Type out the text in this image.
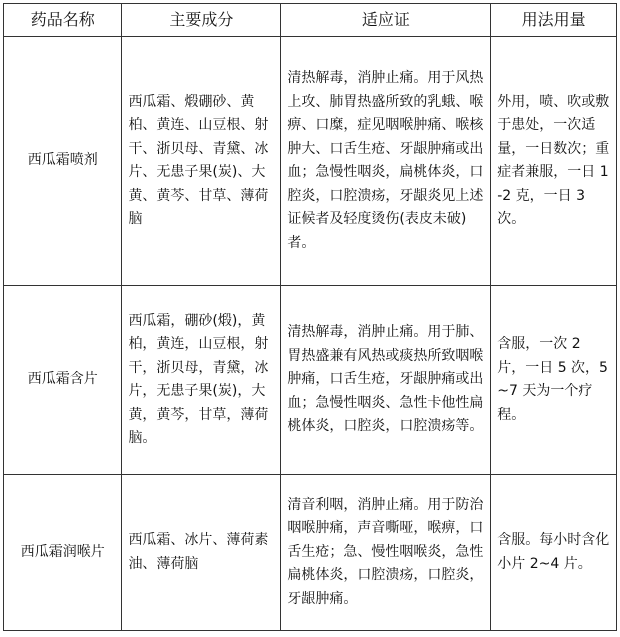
药品名称	主要成分	适应证	用法用量
西瓜霜喷剂	西瓜霜、煅硼砂、黄柏、黄连、山豆根、射干、浙贝母、青黛、冰片、无患子果(炭)、大黄、黄芩、甘草、薄荷脑	清热解毒，消肿止痛。用于风热上攻、肺胃热盛所致的乳蛾、喉痹、口糜，症见咽喉肿痛、喉核肿大、口舌生疮、牙龈肿痛或出血；急慢性咽炎，扁桃体炎，口腔炎，口腔溃疡，牙龈炎见上述证候者及轻度烫伤(表皮未破)者。	外用，喷、吹或敷于患处，一次适量，一日数次；重症者兼服，一日 1-2 克，一日 3 次。
西瓜霜含片	西瓜霜，硼砂(煅)，黄柏，黄连，山豆根，射干，浙贝母，青黛，冰片，无患子果(炭)，大黄，黄芩，甘草，薄荷脑。	清热解毒，消肿止痛。用于肺、胃热盛兼有风热或痰热所致咽喉肿痛，口舌生疮，牙龈肿痛或出血；急慢性咽炎、急性卡他性扁桃体炎，口腔炎，口腔溃疡等。	含服，一次 2 片，一日 5 次，5~7 天为一个疗程。
西瓜霜润喉片	西瓜霜、冰片、薄荷素油、薄荷脑	清音利咽，消肿止痛。用于防治咽喉肿痛，声音嘶哑，喉痹，口舌生疮；急、慢性咽喉炎，急性扁桃体炎，口腔溃疡，口腔炎，牙龈肿痛。	含服。每小时含化小片 2~4 片。
